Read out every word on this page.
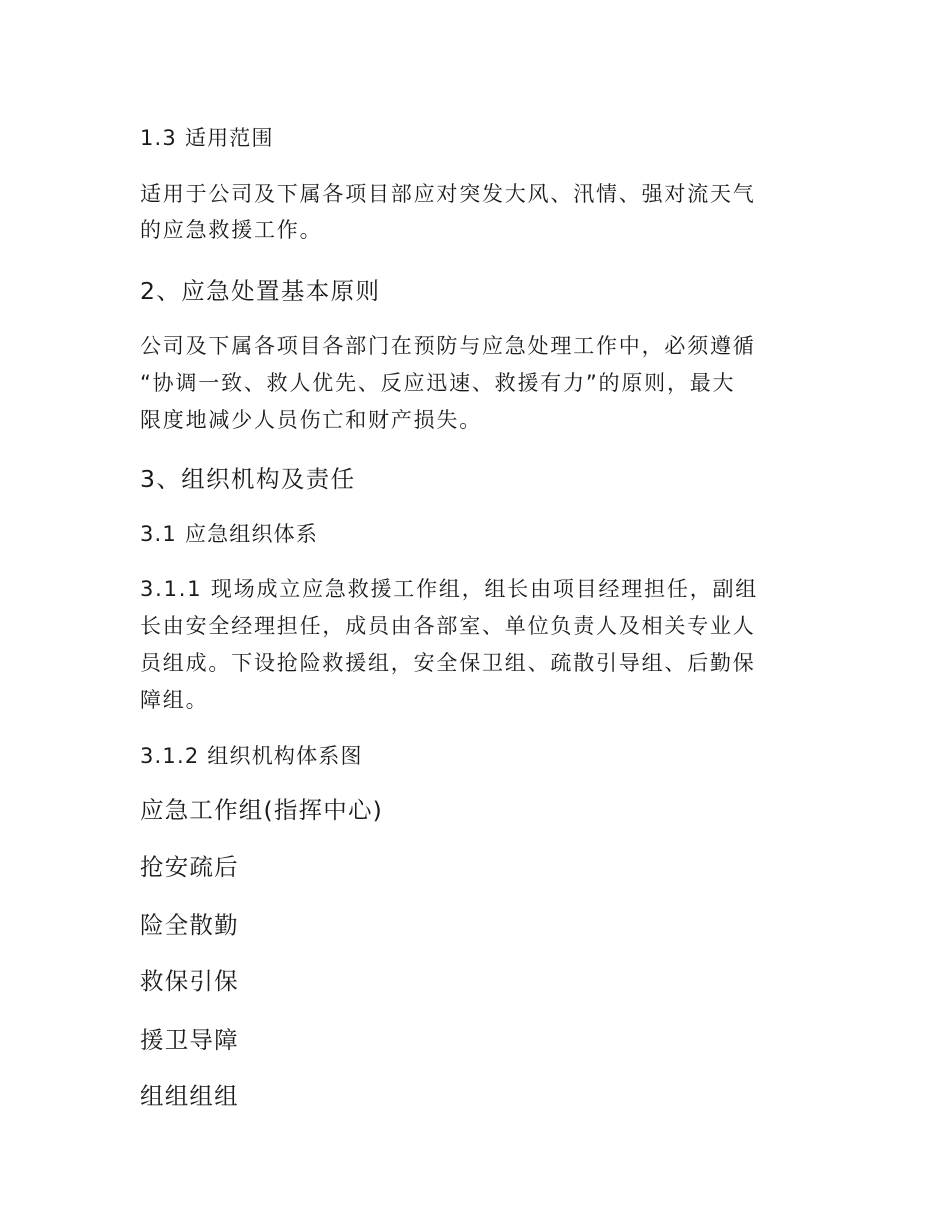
1.3 适用范围

适用于公司及下属各项目部应对突发大风、汛情、强对流天气

的应急救援工作。

2、应急处置基本原则

公司及下属各项目各部门在预防与应急处理工作中，必须遵循

“协调一致、救人优先、反应迅速、救援有力”的原则，最大

限度地减少人员伤亡和财产损失。

3、组织机构及责任

3.1 应急组织体系

3.1.1 现场成立应急救援工作组，组长由项目经理担任，副组

长由安全经理担任，成员由各部室、单位负责人及相关专业人

员组成。下设抢险救援组，安全保卫组、疏散引导组、后勤保

障组。

3.1.2 组织机构体系图

应急工作组(指挥中心)

抢安疏后

险全散勤

救保引保

援卫导障

组组组组
